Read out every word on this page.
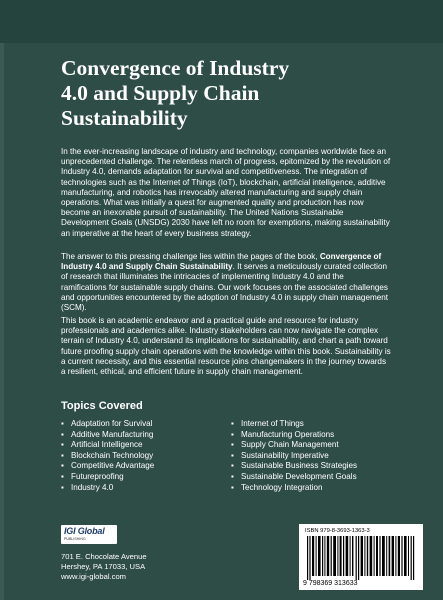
Convergence of Industry
4.0 and Supply Chain
Sustainability

In the ever-increasing landscape of industry and technology, companies worldwide face an unprecedented challenge. The relentless march of progress, epitomized by the revolution of Industry 4.0, demands adaptation for survival and competitiveness. The integration of technologies such as the Internet of Things (IoT), blockchain, artificial intelligence, additive manufacturing, and robotics has irrevocably altered manufacturing and supply chain operations. What was initially a quest for augmented quality and production has now become an inexorable pursuit of sustainability. The United Nations Sustainable Development Goals (UNSDG) 2030 have left no room for exemptions, making sustainability an imperative at the heart of every business strategy.

The answer to this pressing challenge lies within the pages of the book, Convergence of Industry 4.0 and Supply Chain Sustainability. It serves a meticulously curated collection of research that illuminates the intricacies of implementing Industry 4.0 and the ramifications for sustainable supply chains. Our work focuses on the associated challenges and opportunities encountered by the adoption of Industry 4.0 in supply chain management (SCM).

This book is an academic endeavor and a practical guide and resource for industry professionals and academics alike. Industry stakeholders can now navigate the complex terrain of Industry 4.0, understand its implications for sustainability, and chart a path toward future proofing supply chain operations with the knowledge within this book. Sustainability is a current necessity, and this essential resource joins changemakers in the journey towards a resilient, ethical, and efficient future in supply chain management.

Topics Covered
▪ Adaptation for Survival
▪ Additive Manufacturing
▪ Artificial Intelligence
▪ Blockchain Technology
▪ Competitive Advantage
▪ Futureproofing
▪ Industry 4.0
▪ Internet of Things
▪ Manufacturing Operations
▪ Supply Chain Management
▪ Sustainability Imperative
▪ Sustainable Business Strategies
▪ Sustainable Development Goals
▪ Technology Integration
IGI Global
PUBLISHING

701 E. Chocolate Avenue
Hershey, PA 17033, USA
www.igi-global.com

ISBN 979-8-3693-1363-3
9 798369 313633
